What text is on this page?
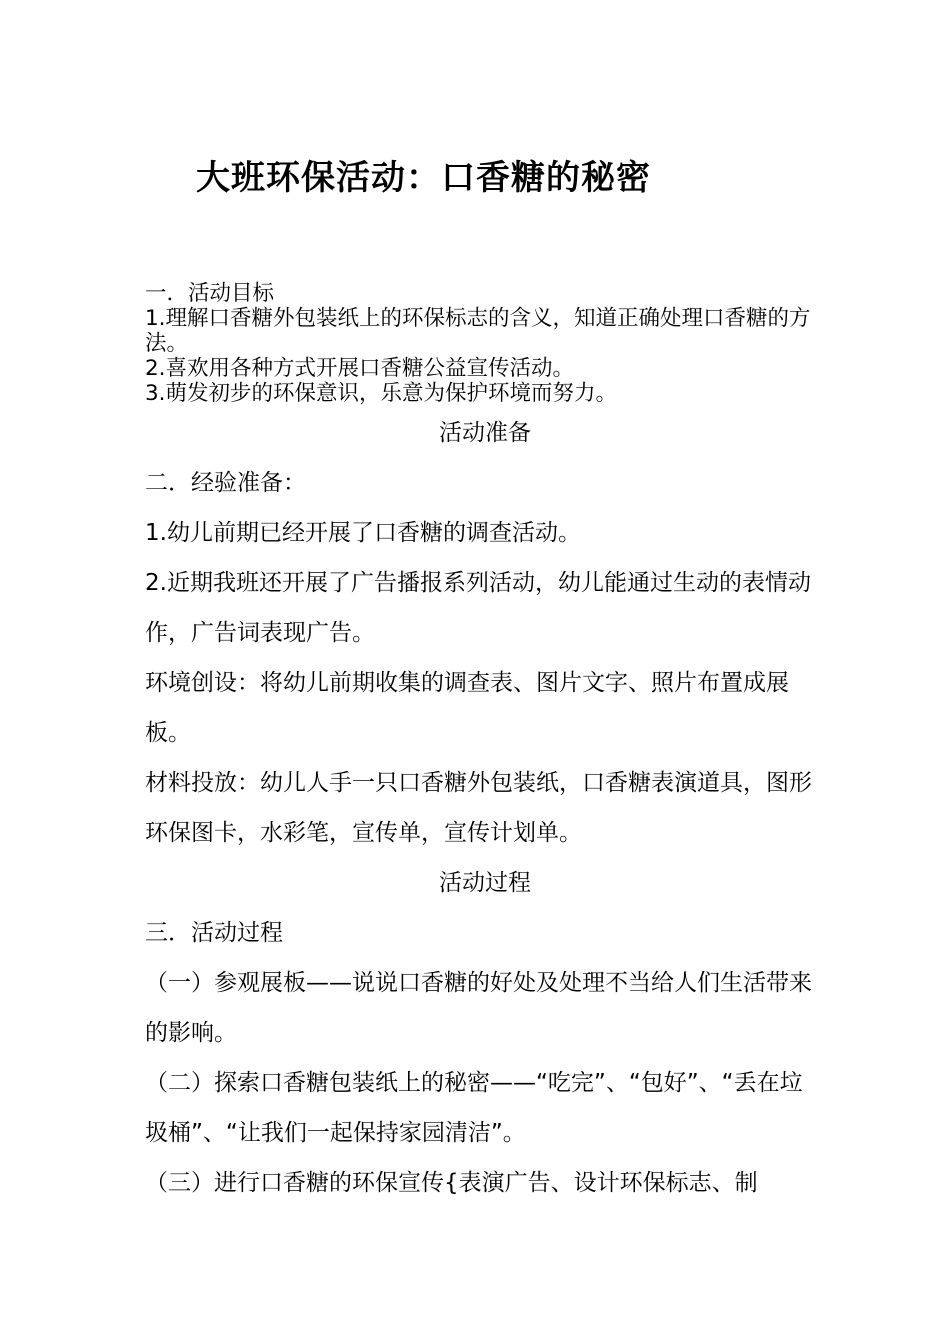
大班环保活动：口香糖的秘密

一．活动目标

1.理解口香糖外包装纸上的环保标志的含义，知道正确处理口香糖的方法。

2.喜欢用各种方式开展口香糖公益宣传活动。

3.萌发初步的环保意识，乐意为保护环境而努力。

活动准备

二．经验准备：

1.幼儿前期已经开展了口香糖的调查活动。

2.近期我班还开展了广告播报系列活动，幼儿能通过生动的表情动作，广告词表现广告。

环境创设：将幼儿前期收集的调查表、图片文字、照片布置成展板。

材料投放：幼儿人手一只口香糖外包装纸，口香糖表演道具，图形环保图卡，水彩笔，宣传单，宣传计划单。

活动过程

三．活动过程

（一）参观展板——说说口香糖的好处及处理不当给人们生活带来的影响。

（二）探索口香糖包装纸上的秘密——“吃完”、“包好”、“丢在垃圾桶”、“让我们一起保持家园清洁”。

（三）进行口香糖的环保宣传{表演广告、设计环保标志、制
